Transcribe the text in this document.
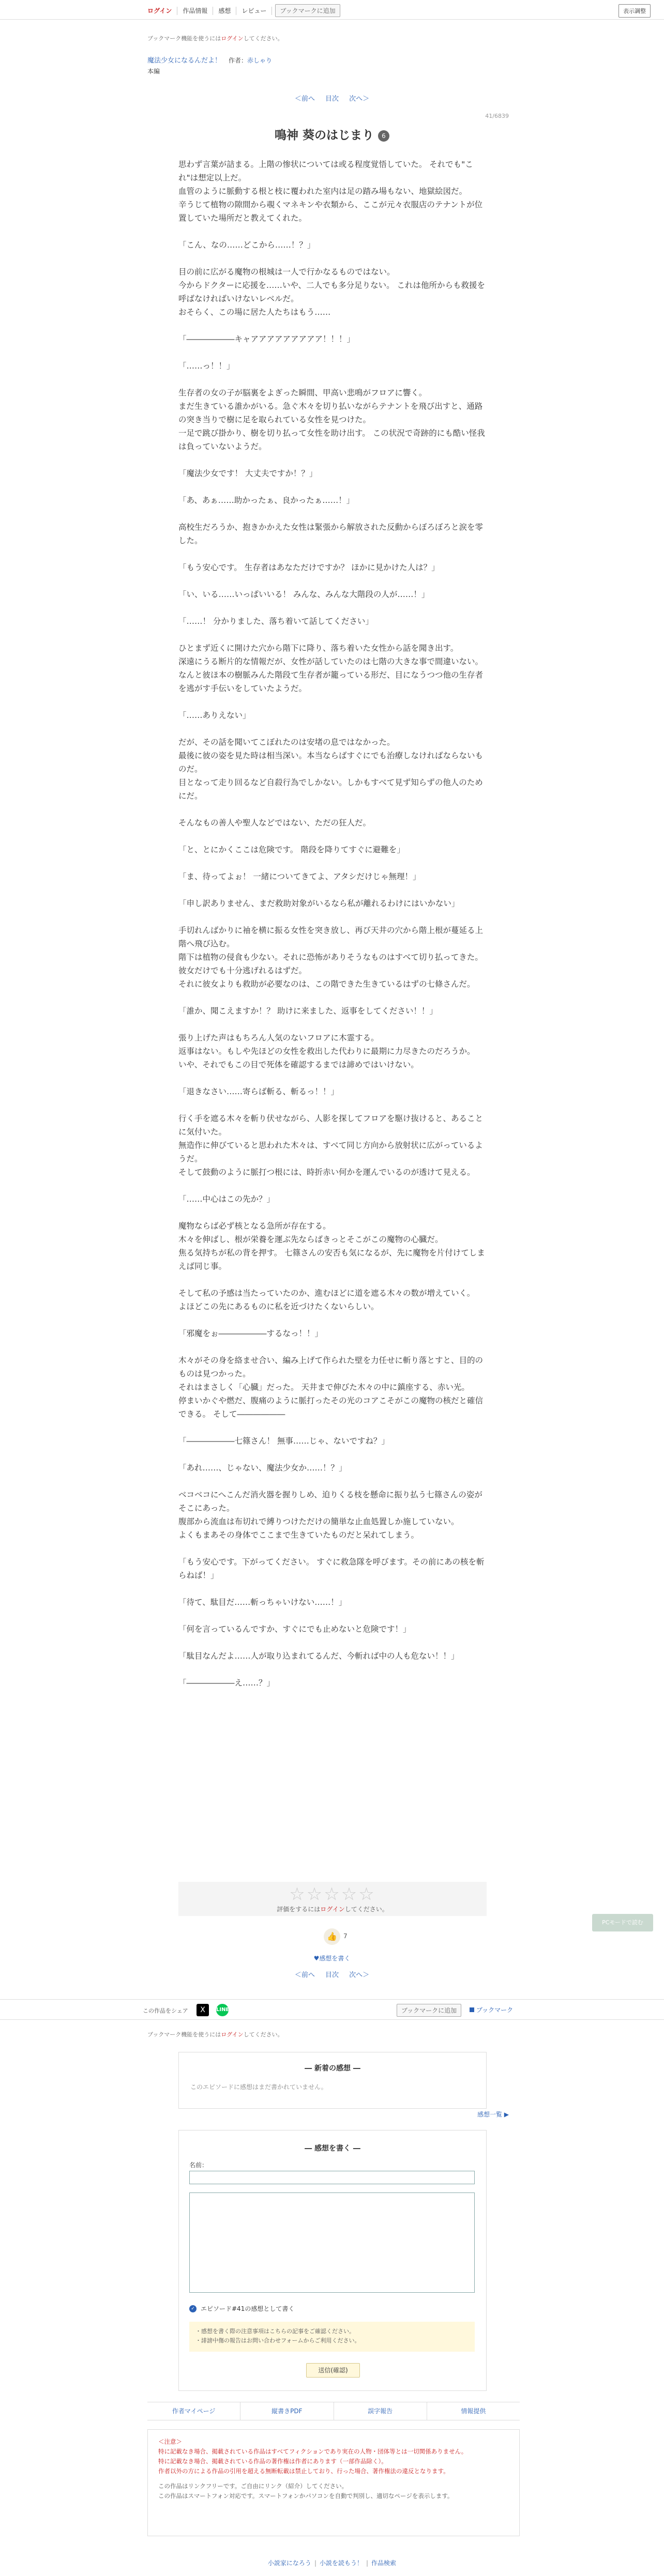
ログイン	作品情報	感想	レビュー	ブックマークに追加	表示調整

ブックマーク機能を使うにはログインしてください。

魔法少女になるんだよ！ 作者：赤しゃり
本編
＜前へ 目次 次へ＞
41/6839
鳴神 葵のはじまり 6

思わず言葉が詰まる。上階の惨状については或る程度覚悟していた。 それでも"これ"は想定以上だ。
血管のように脈動する根と枝に覆われた室内は足の踏み場もない、地獄絵図だ。
辛うじて植物の隙間から覗くマネキンや衣類から、ここが元々衣服店のテナントが位置していた場所だと教えてくれた。

「こん、なの……どこから……！？」

目の前に広がる魔物の根城は一人で行かなるものではない。
今からドクターに応援を……いや、二人でも多分足りない。 これは他所からも救援を呼ばなければいけないレベルだ。
おそらく、この場に居た人たちはもう……

「――――――キャアアアアアアアアア！！！」

「……っ！！」

生存者の女の子が脳裏をよぎった瞬間、甲高い悲鳴がフロアに響く。
まだ生きている誰かがいる。急ぐ木々を切り払いながらテナントを飛び出すと、通路の突き当りで樹に足を取られている女性を見つけた。
一足で跳び掛かり、樹を切り払って女性を助け出す。 この状況で奇跡的にも酷い怪我は負っていないようだ。

「魔法少女です！ 大丈夫ですか！？」

「あ、あぁ……助かったぁ、良かったぁ……！」

高校生だろうか、抱きかかえた女性は緊張から解放された反動からぼろぼろと涙を零した。

「もう安心です。 生存者はあなただけですか？ ほかに見かけた人は？」

「い、いる……いっぱいいる！ みんな、みんな大階段の人が……！」

「……！ 分かりました、落ち着いて話してください」

ひとまず近くに開けた穴から階下に降り、落ち着いた女性から話を聞き出す。
深遠にうる断片的な情報だが、女性が話していたのは七階の大きな事で間違いない。
なんと彼ほ本の樹脈みんた階段て生存者が籠っている形だ、目になうつつ他の生存者を逃がす手伝いをしていたようだ。

「……ありえない」

だが、その話を聞いてこぼれたのは安堵の息ではなかった。
最後に彼の姿を見た時は相当深い。本当ならばすぐにでも治療しなければならないものだ。
目となって走り回るなど自殺行為でしかない。しかもすべて見ず知らずの他人のためにだ。

そんなもの善人や聖人などではない、ただの狂人だ。

「と、とにかくここは危険です。 階段を降りてすぐに避難を」

「ま、待ってよぉ！ 一緒についてきてよ、アタシだけじゃ無理！」

「申し訳ありません、まだ救助対象がいるなら私が離れるわけにはいかない」

手切れんばかりに袖を横に振る女性を突き放し、再び天井の穴から階上根が蔓延る上階へ飛び込む。
階下は植物の侵食も少ない。それに恐怖がありそうなものはすべて切り払ってきた。 彼女だけでも十分逃げれるはずだ。
それに彼女よりも救助が必要なのは、この階できた生きているはずの七條さんだ。

「誰か、聞こえますか！？ 助けに来ました、返事をしてください！！」

張り上げた声はもちろん人気のないフロアに木霊する。
返事はない。もしや先ほどの女性を救出した代わりに最期に力尽きたのだろうか。
いや、それでもこの目で死体を確認するまでは諦めではいけない。

「退きなさい……寄らば斬る、斬るっ！！」

行く手を遮る木々を斬り伏せながら、人影を探してフロアを駆け抜けると、あることに気付いた。
無造作に伸びていると思われた木々は、すべて同じ方向から放射状に広がっているようだ。
そして鼓動のように脈打つ根には、時折赤い何かを運んでいるのが透けて見える。

「……中心はこの先か？」

魔物ならば必ず核となる急所が存在する。
木々を伸ばし、根が栄養を運ぶ先ならばきっとそこがこの魔物の心臓だ。
焦る気持ちが私の背を押す。 七篠さんの安否も気になるが、先に魔物を片付けてしまえば同じ事。

そして私の予感は当たっていたのか、進むほどに道を遮る木々の数が増えていく。
よほどこの先にあるものに私を近づけたくないらしい。

「邪魔をぉ――――――するなっ！！」

木々がその身を絡ませ合い、編み上げて作られた壁を力任せに斬り落とすと、目的のものは見つかった。
それはまさしく「心臓」だった。 天井まで伸びた木々の中に鎮座する、赤い光。
停まいかぐや燃だ、腹痛のように脈打ったその光のコアこそがこの魔物の核だと確信できる。 そして――――――

「――――――七篠さん！ 無事……じゃ、ないですね？」

「あれ……、じゃない、魔法少女か……！？」

ベコベコにへこんだ消火器を握りしめ、迫りくる枝を懸命に振り払う七篠さんの姿がそこにあった。
腹部から流血は布切れで縛りつけただけの簡単な止血処置しか施していない。
よくもまあその身体でここまで生きていたものだと呆れてしまう。

「もう安心です。下がってください。 すぐに救急隊を呼びます。その前にあの核を斬らねば！」

「待て、駄目だ……斬っちゃいけない……！」

「何を言っているんですか、すぐにでも止めないと危険です！」

「駄目なんだよ……人が取り込まれてるんだ、今斬れば中の人も危ない！！」

「――――――え……？」

☆☆☆☆☆
評価をするにはログインしてください。
👍	7
♥感想を書く
＜前へ 目次 次へ＞
PCモードで読む
この作品をシェア	X	LINE	ブックマークに追加	ブックマーク

ブックマーク機能を使うにはログインしてください。

― 新着の感想 ―
このエピソードに感想はまだ書かれていません。
感想一覧 ▶
― 感想を書く ―
名前：
✓ エピソード#41の感想として書く
・感想を書く際の注意事項はこちらの記事をご確認ください。
・誹謗中傷の報告はお問い合わせフォームからご利用ください。
送信(確認)
作者マイページ	縦書きPDF	誤字報告	情報提供

＜注意＞

特に記載なき場合、掲載されている作品はすべてフィクションであり実在の人物・団体等とは一切関係ありません。

特に記載なき場合、掲載されている作品の著作権は作者にあります（一部作品除く）。

作者以外の方による作品の引用を超える無断転載は禁止しており、行った場合、著作権法の違反となります。

この作品はリンクフリーです。ご自由にリンク（紹介）してください。

この作品はスマートフォン対応です。スマートフォンかパソコンを自動で判別し、適切なページを表示します。

小説家になろう | 小説を読もう！ | 作品検索
